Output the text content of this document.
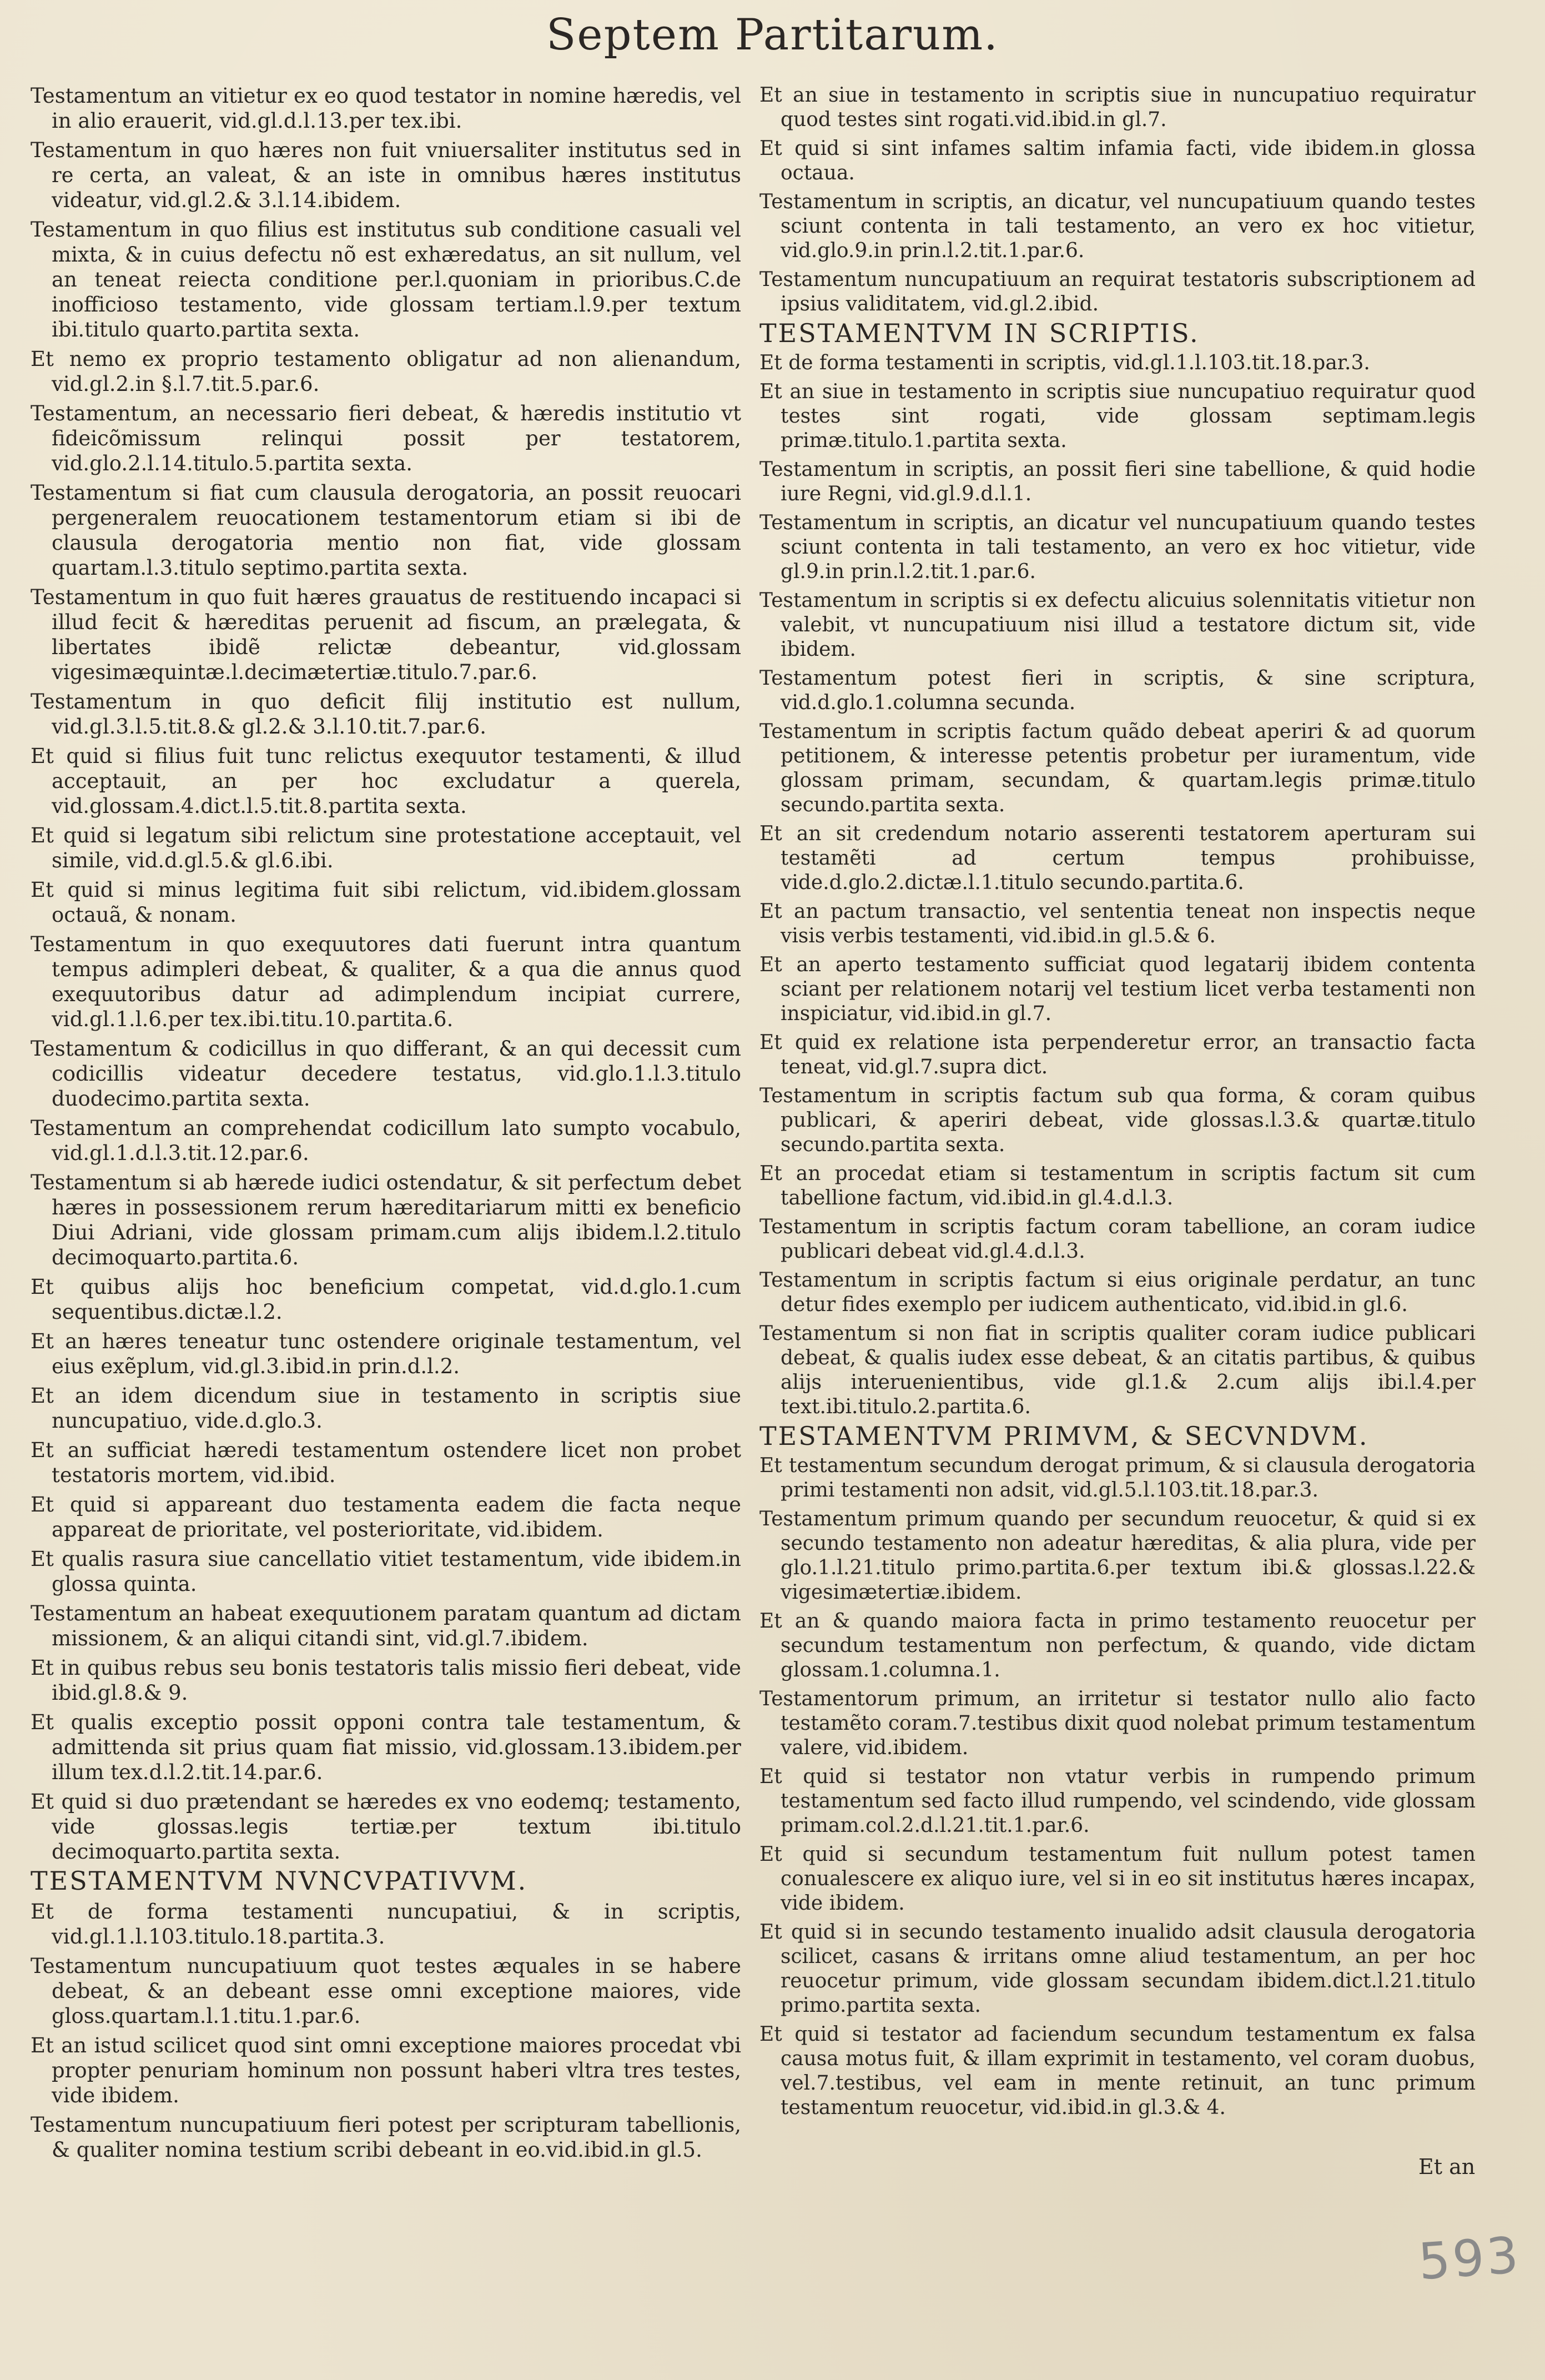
Septem Partitarum.
Testamentum an vitietur ex eo quod testator in nomine hæredis, vel in alio erauerit, vid.gl.d.l.13.per tex.ibi.
Testamentum in quo hæres non fuit vniuersaliter institutus sed in re certa, an valeat, & an iste in omnibus hæres institutus videatur, vid.gl.2.& 3.l.14.ibidem.
Testamentum in quo filius est institutus sub conditione casuali vel mixta, & in cuius defectu nõ est exhæredatus, an sit nullum, vel an teneat reiecta conditione per.l.quoniam in prioribus.C.de inofficioso testamento, vide glossam tertiam.l.9.per textum ibi.titulo quarto.partita sexta.
Et nemo ex proprio testamento obligatur ad non alienandum, vid.gl.2.in §.l.7.tit.5.par.6.
Testamentum, an necessario fieri debeat, & hæredis institutio vt fideicõmissum relinqui possit per testatorem, vid.glo.2.l.14.titulo.5.partita sexta.
Testamentum si fiat cum clausula derogatoria, an possit reuocari pergeneralem reuocationem testamentorum etiam si ibi de clausula derogatoria mentio non fiat, vide glossam quartam.l.3.titulo septimo.partita sexta.
Testamentum in quo fuit hæres grauatus de restituendo incapaci si illud fecit & hæreditas peruenit ad fiscum, an prælegata, & libertates ibidẽ relictæ debeantur, vid.glossam vigesimæquintæ.l.decimætertiæ.titulo.7.par.6.
Testamentum in quo deficit filij institutio est nullum, vid.gl.3.l.5.tit.8.& gl.2.& 3.l.10.tit.7.par.6.
Et quid si filius fuit tunc relictus exequutor testamenti, & illud acceptauit, an per hoc excludatur a querela, vid.glossam.4.dict.l.5.tit.8.partita sexta.
Et quid si legatum sibi relictum sine protestatione acceptauit, vel simile, vid.d.gl.5.& gl.6.ibi.
Et quid si minus legitima fuit sibi relictum, vid.ibidem.glossam octauã, & nonam.
Testamentum in quo exequutores dati fuerunt intra quantum tempus adimpleri debeat, & qualiter, & a qua die annus quod exequutoribus datur ad adimplendum incipiat currere, vid.gl.1.l.6.per tex.ibi.titu.10.partita.6.
Testamentum & codicillus in quo differant, & an qui decessit cum codicillis videatur decedere testatus, vid.glo.1.l.3.titulo duodecimo.partita sexta.
Testamentum an comprehendat codicillum lato sumpto vocabulo, vid.gl.1.d.l.3.tit.12.par.6.
Testamentum si ab hærede iudici ostendatur, & sit perfectum debet hæres in possessionem rerum hæreditariarum mitti ex beneficio Diui Adriani, vide glossam primam.cum alijs ibidem.l.2.titulo decimoquarto.partita.6.
Et quibus alijs hoc beneficium competat, vid.d.glo.1.cum sequentibus.dictæ.l.2.
Et an hæres teneatur tunc ostendere originale testamentum, vel eius exẽplum, vid.gl.3.ibid.in prin.d.l.2.
Et an idem dicendum siue in testamento in scriptis siue nuncupatiuo, vide.d.glo.3.
Et an sufficiat hæredi testamentum ostendere licet non probet testatoris mortem, vid.ibid.
Et quid si appareant duo testamenta eadem die facta neque appareat de prioritate, vel posterioritate, vid.ibidem.
Et qualis rasura siue cancellatio vitiet testamentum, vide ibidem.in glossa quinta.
Testamentum an habeat exequutionem paratam quantum ad dictam missionem, & an aliqui citandi sint, vid.gl.7.ibidem.
Et in quibus rebus seu bonis testatoris talis missio fieri debeat, vide ibid.gl.8.& 9.
Et qualis exceptio possit opponi contra tale testamentum, & admittenda sit prius quam fiat missio, vid.glossam.13.ibidem.per illum tex.d.l.2.tit.14.par.6.
Et quid si duo prætendant se hæredes ex vno eodemq; testamento, vide glossas.legis tertiæ.per textum ibi.titulo decimoquarto.partita sexta.
TESTAMENTVM NVNCVPATIVVM.
Et de forma testamenti nuncupatiui, & in scriptis, vid.gl.1.l.103.titulo.18.partita.3.
Testamentum nuncupatiuum quot testes æquales in se habere debeat, & an debeant esse omni exceptione maiores, vide gloss.quartam.l.1.titu.1.par.6.
Et an istud scilicet quod sint omni exceptione maiores procedat vbi propter penuriam hominum non possunt haberi vltra tres testes, vide ibidem.
Testamentum nuncupatiuum fieri potest per scripturam tabellionis, & qualiter nomina testium scribi debeant in eo.vid.ibid.in gl.5.
Et an siue in testamento in scriptis siue in nuncupatiuo requiratur quod testes sint rogati.vid.ibid.in gl.7.
Et quid si sint infames saltim infamia facti, vide ibidem.in glossa octaua.
Testamentum in scriptis, an dicatur, vel nuncupatiuum quando testes sciunt contenta in tali testamento, an vero ex hoc vitietur, vid.glo.9.in prin.l.2.tit.1.par.6.
Testamentum nuncupatiuum an requirat testatoris subscriptionem ad ipsius validitatem, vid.gl.2.ibid.
TESTAMENTVM IN SCRIPTIS.
Et de forma testamenti in scriptis, vid.gl.1.l.103.tit.18.par.3.
Et an siue in testamento in scriptis siue nuncupatiuo requiratur quod testes sint rogati, vide glossam septimam.legis primæ.titulo.1.partita sexta.
Testamentum in scriptis, an possit fieri sine tabellione, & quid hodie iure Regni, vid.gl.9.d.l.1.
Testamentum in scriptis, an dicatur vel nuncupatiuum quando testes sciunt contenta in tali testamento, an vero ex hoc vitietur, vide gl.9.in prin.l.2.tit.1.par.6.
Testamentum in scriptis si ex defectu alicuius solennitatis vitietur non valebit, vt nuncupatiuum nisi illud a testatore dictum sit, vide ibidem.
Testamentum potest fieri in scriptis, & sine scriptura, vid.d.glo.1.columna secunda.
Testamentum in scriptis factum quãdo debeat aperiri & ad quorum petitionem, & interesse petentis probetur per iuramentum, vide glossam primam, secundam, & quartam.legis primæ.titulo secundo.partita sexta.
Et an sit credendum notario asserenti testatorem aperturam sui testamẽti ad certum tempus prohibuisse, vide.d.glo.2.dictæ.l.1.titulo secundo.partita.6.
Et an pactum transactio, vel sententia teneat non inspectis neque visis verbis testamenti, vid.ibid.in gl.5.& 6.
Et an aperto testamento sufficiat quod legatarij ibidem contenta sciant per relationem notarij vel testium licet verba testamenti non inspiciatur, vid.ibid.in gl.7.
Et quid ex relatione ista perpenderetur error, an transactio facta teneat, vid.gl.7.supra dict.
Testamentum in scriptis factum sub qua forma, & coram quibus publicari, & aperiri debeat, vide glossas.l.3.& quartæ.titulo secundo.partita sexta.
Et an procedat etiam si testamentum in scriptis factum sit cum tabellione factum, vid.ibid.in gl.4.d.l.3.
Testamentum in scriptis factum coram tabellione, an coram iudice publicari debeat vid.gl.4.d.l.3.
Testamentum in scriptis factum si eius originale perdatur, an tunc detur fides exemplo per iudicem authenticato, vid.ibid.in gl.6.
Testamentum si non fiat in scriptis qualiter coram iudice publicari debeat, & qualis iudex esse debeat, & an citatis partibus, & quibus alijs interuenientibus, vide gl.1.& 2.cum alijs ibi.l.4.per text.ibi.titulo.2.partita.6.
TESTAMENTVM PRIMVM, & SECVNDVM.
Et testamentum secundum derogat primum, & si clausula derogatoria primi testamenti non adsit, vid.gl.5.l.103.tit.18.par.3.
Testamentum primum quando per secundum reuocetur, & quid si ex secundo testamento non adeatur hæreditas, & alia plura, vide per glo.1.l.21.titulo primo.partita.6.per textum ibi.& glossas.l.22.& vigesimætertiæ.ibidem.
Et an & quando maiora facta in primo testamento reuocetur per secundum testamentum non perfectum, & quando, vide dictam glossam.1.columna.1.
Testamentorum primum, an irritetur si testator nullo alio facto testamẽto coram.7.testibus dixit quod nolebat primum testamentum valere, vid.ibidem.
Et quid si testator non vtatur verbis in rumpendo primum testamentum sed facto illud rumpendo, vel scindendo, vide glossam primam.col.2.d.l.21.tit.1.par.6.
Et quid si secundum testamentum fuit nullum potest tamen conualescere ex aliquo iure, vel si in eo sit institutus hæres incapax, vide ibidem.
Et quid si in secundo testamento inualido adsit clausula derogatoria scilicet, casans & irritans omne aliud testamentum, an per hoc reuocetur primum, vide glossam secundam ibidem.dict.l.21.titulo primo.partita sexta.
Et quid si testator ad faciendum secundum testamentum ex falsa causa motus fuit, & illam exprimit in testamento, vel coram duobus, vel.7.testibus, vel eam in mente retinuit, an tunc primum testamentum reuocetur, vid.ibid.in gl.3.& 4.
Et an
593
